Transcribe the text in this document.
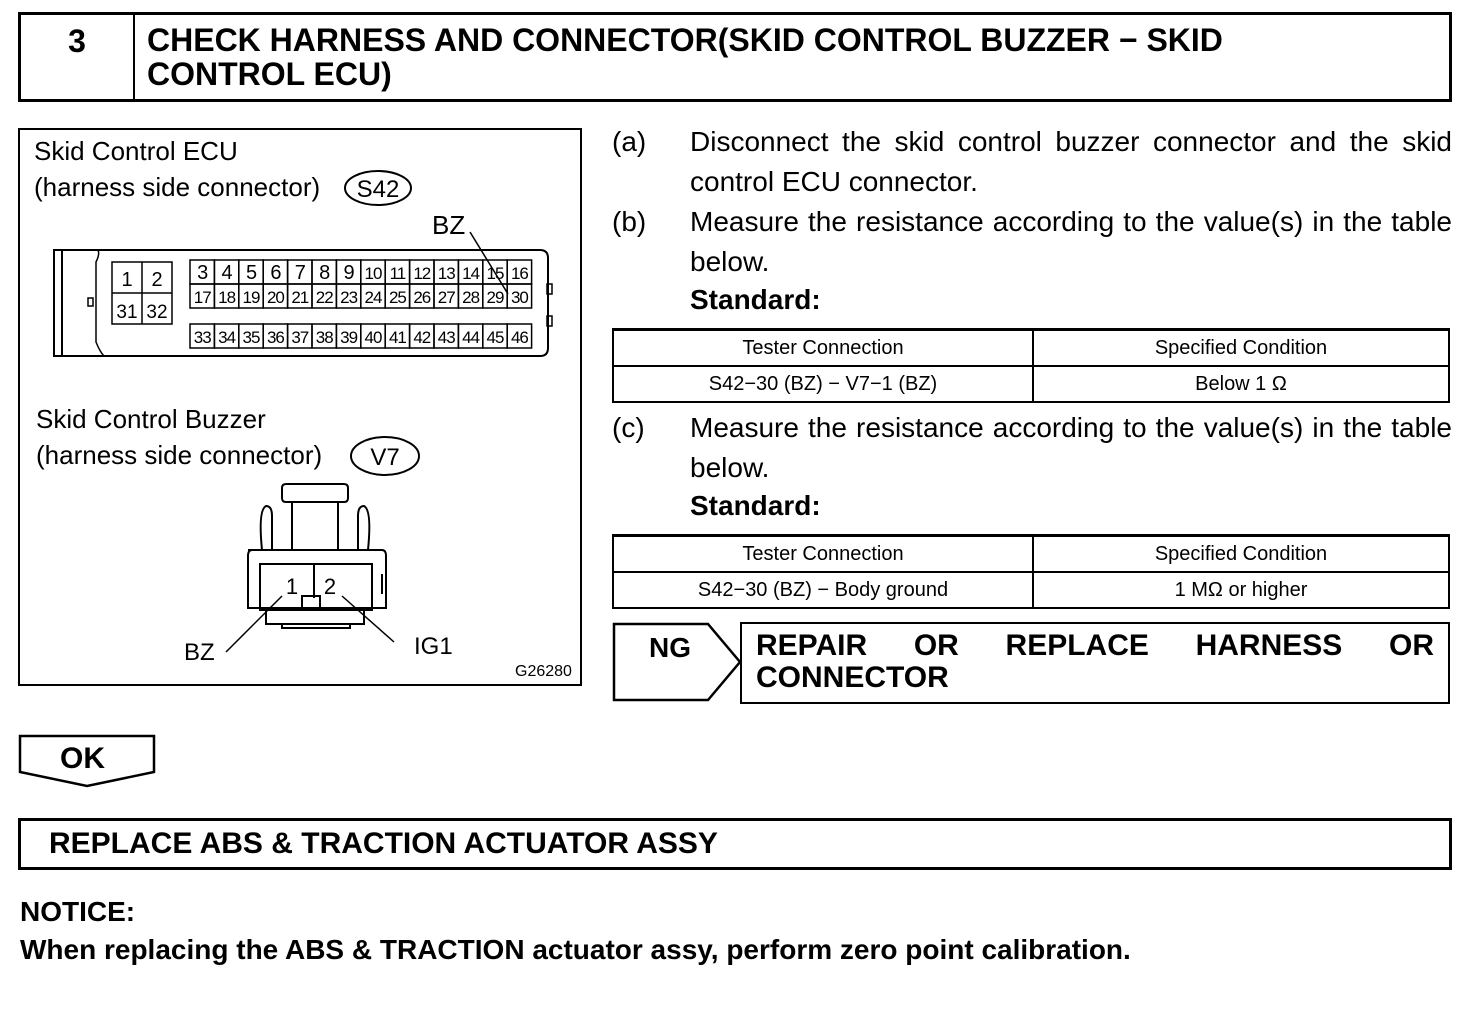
3	CHECK HARNESS AND CONNECTOR(SKID CONTROL BUZZER − SKID CONTROL ECU)
Skid Control ECU
(harness side connector) S42
BZ
1 2
31 32
3 4 5 6 7 8 9 10 11 12 13 14 15 16
17 18 19 20 21 22 23 24 25 26 27 28 29 30
33 34 35 36 37 38 39 40 41 42 43 44 45 46
Skid Control Buzzer
(harness side connector) V7
1 2
BZ	IG1
G26280
(a) Disconnect the skid control buzzer connector and the skid control ECU connector.
(b) Measure the resistance according to the value(s) in the table below.
Standard:
Tester Connection	Specified Condition
S42−30 (BZ) − V7−1 (BZ)	Below 1 Ω
(c) Measure the resistance according to the value(s) in the table below.
Standard:
Tester Connection	Specified Condition
S42−30 (BZ) − Body ground	1 MΩ or higher
NG REPAIR OR REPLACE HARNESS OR CONNECTOR
OK
REPLACE ABS & TRACTION ACTUATOR ASSY
NOTICE:
When replacing the ABS & TRACTION actuator assy, perform zero point calibration.
